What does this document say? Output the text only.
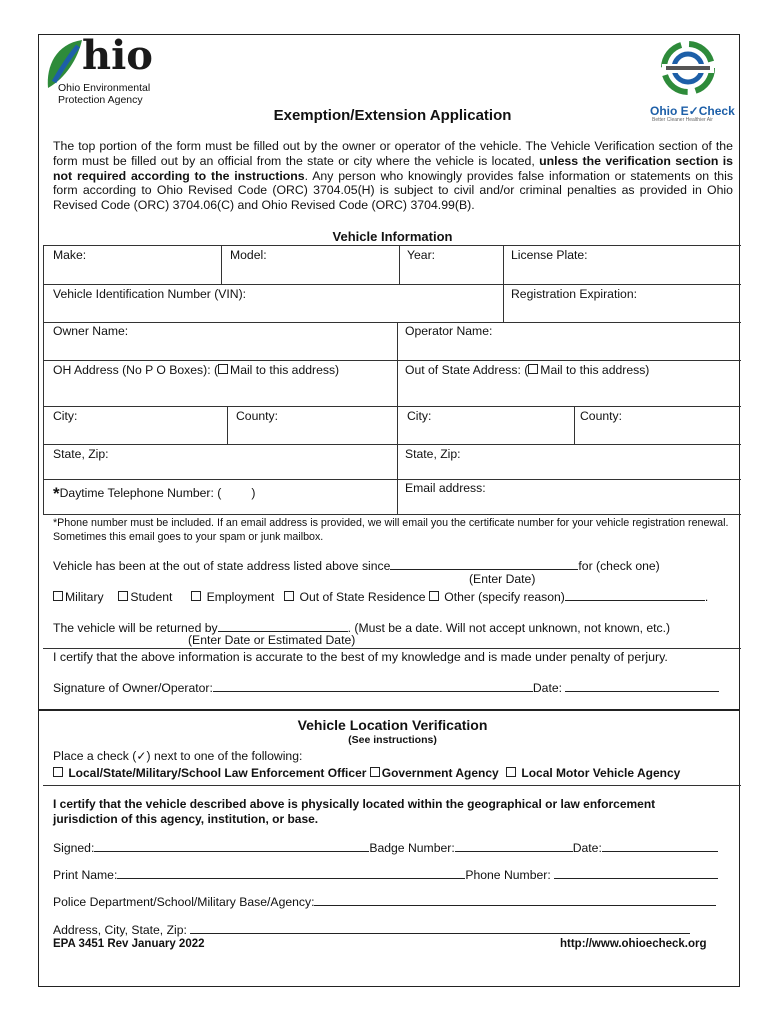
hio
Ohio Environmental
Protection Agency
Ohio E✓Check
Better Cleaner Healthier Air
Exemption/Extension Application
The top portion of the form must be filled out by the owner or operator of the vehicle. The Vehicle Verification section of the form must be filled out by an official from the state or city where the vehicle is located, unless the verification section is not required according to the instructions. Any person who knowingly provides false information or statements on this form according to Ohio Revised Code (ORC) 3704.05(H) is subject to civil and/or criminal penalties as provided in Ohio Revised Code (ORC) 3704.06(C) and Ohio Revised Code (ORC) 3704.99(B).
Vehicle Information
Make:	Model:	Year:	License Plate:
Vehicle Identification Number (VIN):	Registration Expiration:
Owner Name:	Operator Name:
OH Address (No P O Boxes): ( Mail to this address)	Out of State Address: ( Mail to this address)
City:	County:	City:	County:
State, Zip:	State, Zip:
*Daytime Telephone Number: ( )	Email address:
*Phone number must be included. If an email address is provided, we will email you the certificate number for your vehicle registration renewal. Sometimes this email goes to your spam or junk mailbox.
Vehicle has been at the out of state address listed above since	for (check one)
(Enter Date)
Military Student	Employment Out of State Residence Other (specify reason)	.
The vehicle will be returned by	. (Must be a date. Will not accept unknown, not known, etc.)
(Enter Date or Estimated Date)
I certify that the above information is accurate to the best of my knowledge and is made under penalty of perjury.
Signature of Owner/Operator:	Date:
Vehicle Location Verification
(See instructions)
Place a check (✓) next to one of the following:
Local/State/Military/School Law Enforcement Officer Government Agency Local Motor Vehicle Agency
I certify that the vehicle described above is physically located within the geographical or law enforcement
jurisdiction of this agency, institution, or base.
Signed:	Badge Number:	Date:
Print Name:	Phone Number:
Police Department/School/Military Base/Agency:
Address, City, State, Zip:
EPA 3451 Rev January 2022	http://www.ohioecheck.org
